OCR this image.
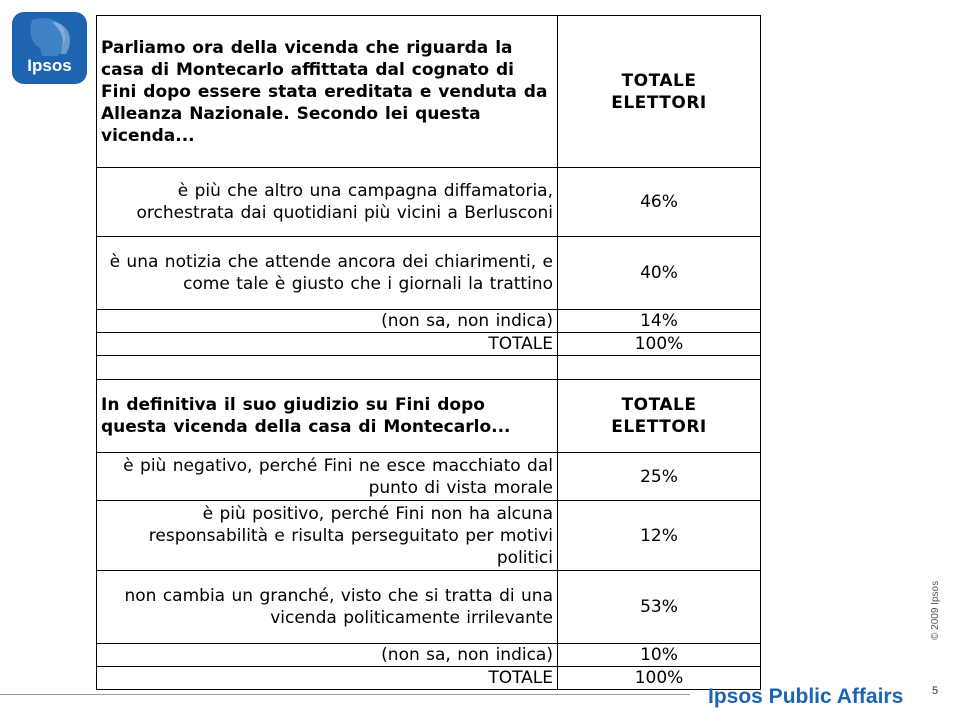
Ipsos
Parliamo ora della vicenda che riguarda la casa di Montecarlo affittata dal cognato di Fini dopo essere stata ereditata e venduta da Alleanza Nazionale. Secondo lei questa vicenda...	TOTALE
ELETTORI
è più che altro una campagna diffamatoria, orchestrata dai quotidiani più vicini a Berlusconi	46%
è una notizia che attende ancora dei chiarimenti, e come tale è giusto che i giornali la trattino	40%
(non sa, non indica)	14%
TOTALE	100%

In definitiva il suo giudizio su Fini dopo questa vicenda della casa di Montecarlo...	TOTALE
ELETTORI
è più negativo, perché Fini ne esce macchiato dal punto di vista morale	25%
è più positivo, perché Fini non ha alcuna responsabilità e risulta perseguitato per motivi politici	12%
non cambia un granché, visto che si tratta di una vicenda politicamente irrilevante	53%
(non sa, non indica)	10%
TOTALE	100%
© 2009 Ipsos
5
Ipsos Public Affairs
